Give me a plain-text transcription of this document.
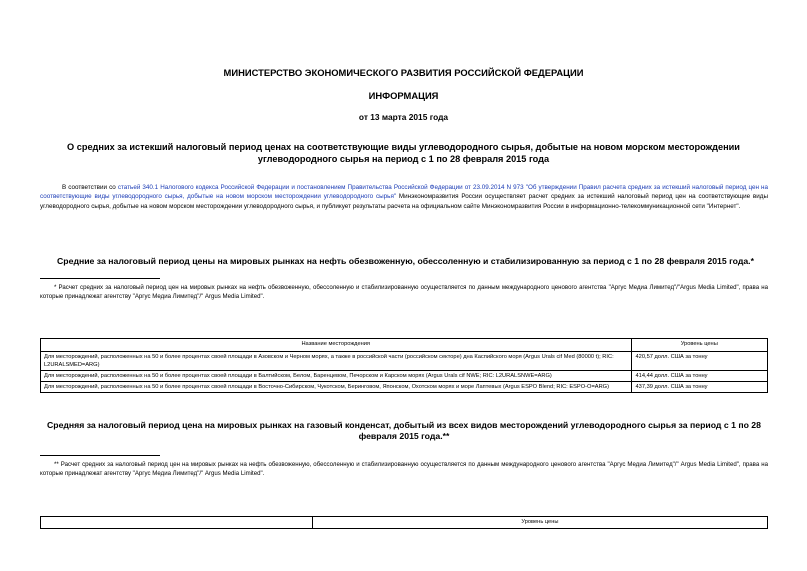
МИНИСТЕРСТВО ЭКОНОМИЧЕСКОГО РАЗВИТИЯ РОССИЙСКОЙ ФЕДЕРАЦИИ
ИНФОРМАЦИЯ
от 13 марта 2015 года
О средних за истекший налоговый период ценах на соответствующие виды углеводородного сырья, добытые на новом морском месторождении углеводородного сырья на период с 1 по 28 февраля 2015 года
В соответствии со статьей 340.1 Налогового кодекса Российской Федерации и постановлением Правительства Российской Федерации от 23.09.2014 N 973 "Об утверждении Правил расчета средних за истекший налоговый период цен на соответствующие виды углеводородного сырья, добытые на новом морском месторождении углеводородного сырья" Минэкономразвития России осуществляет расчет средних за истекший налоговый период цен на соответствующие виды углеводородного сырья, добытые на новом морском месторождении углеводородного сырья, и публикует результаты расчета на официальном сайте Минэкономразвития России в информационно-телекоммуникационной сети "Интернет".
Средние за налоговый период цены на мировых рынках на нефть обезвоженную, обессоленную и стабилизированную за период с 1 по 28 февраля 2015 года.*
* Расчет средних за налоговый период цен на мировых рынках на нефть обезвоженную, обессоленную и стабилизированную осуществляется по данным международного ценового агентства "Аргус Медиа Лимитед"/"Argus Media Limited", права на которые принадлежат агентству "Аргус Медиа Лимитед"/" Argus Media Limited".
Название месторождения	Уровень цены
Для месторождений, расположенных на 50 и более процентах своей площади в Азовском и Черном морях, а также в российской части (российском секторе) дна Каспийского моря (Argus Urals cif Med (80000 t); RIC: L2URALSMED=ARG)	420,57 долл. США за тонну
Для месторождений, расположенных на 50 и более процентах своей площади в Балтийском, Белом, Баренцевом, Печорском и Карском морях (Argus Urals cif NWE; RIC: L2URALSNWE=ARG)	414,44 долл. США за тонну
Для месторождений, расположенных на 50 и более процентах своей площади в Восточно-Сибирском, Чукотском, Беринговом, Японском, Охотском морях и море Лаптевых (Argus ESPO Blend; RIC: ESPO-O=ARG)	437,39 долл. США за тонну
Средняя за налоговый период цена на мировых рынках на газовый конденсат, добытый из всех видов месторождений углеводородного сырья за период с 1 по 28 февраля 2015 года.**
** Расчет средних за налоговый период цен на мировых рынках на нефть обезвоженную, обессоленную и стабилизированную осуществляется по данным международного ценового агентства "Аргус Медиа Лимитед"/" Argus Media Limited", права на которые принадлежат агентству "Аргус Медиа Лимитед"/" Argus Media Limited".
	Уровень цены
